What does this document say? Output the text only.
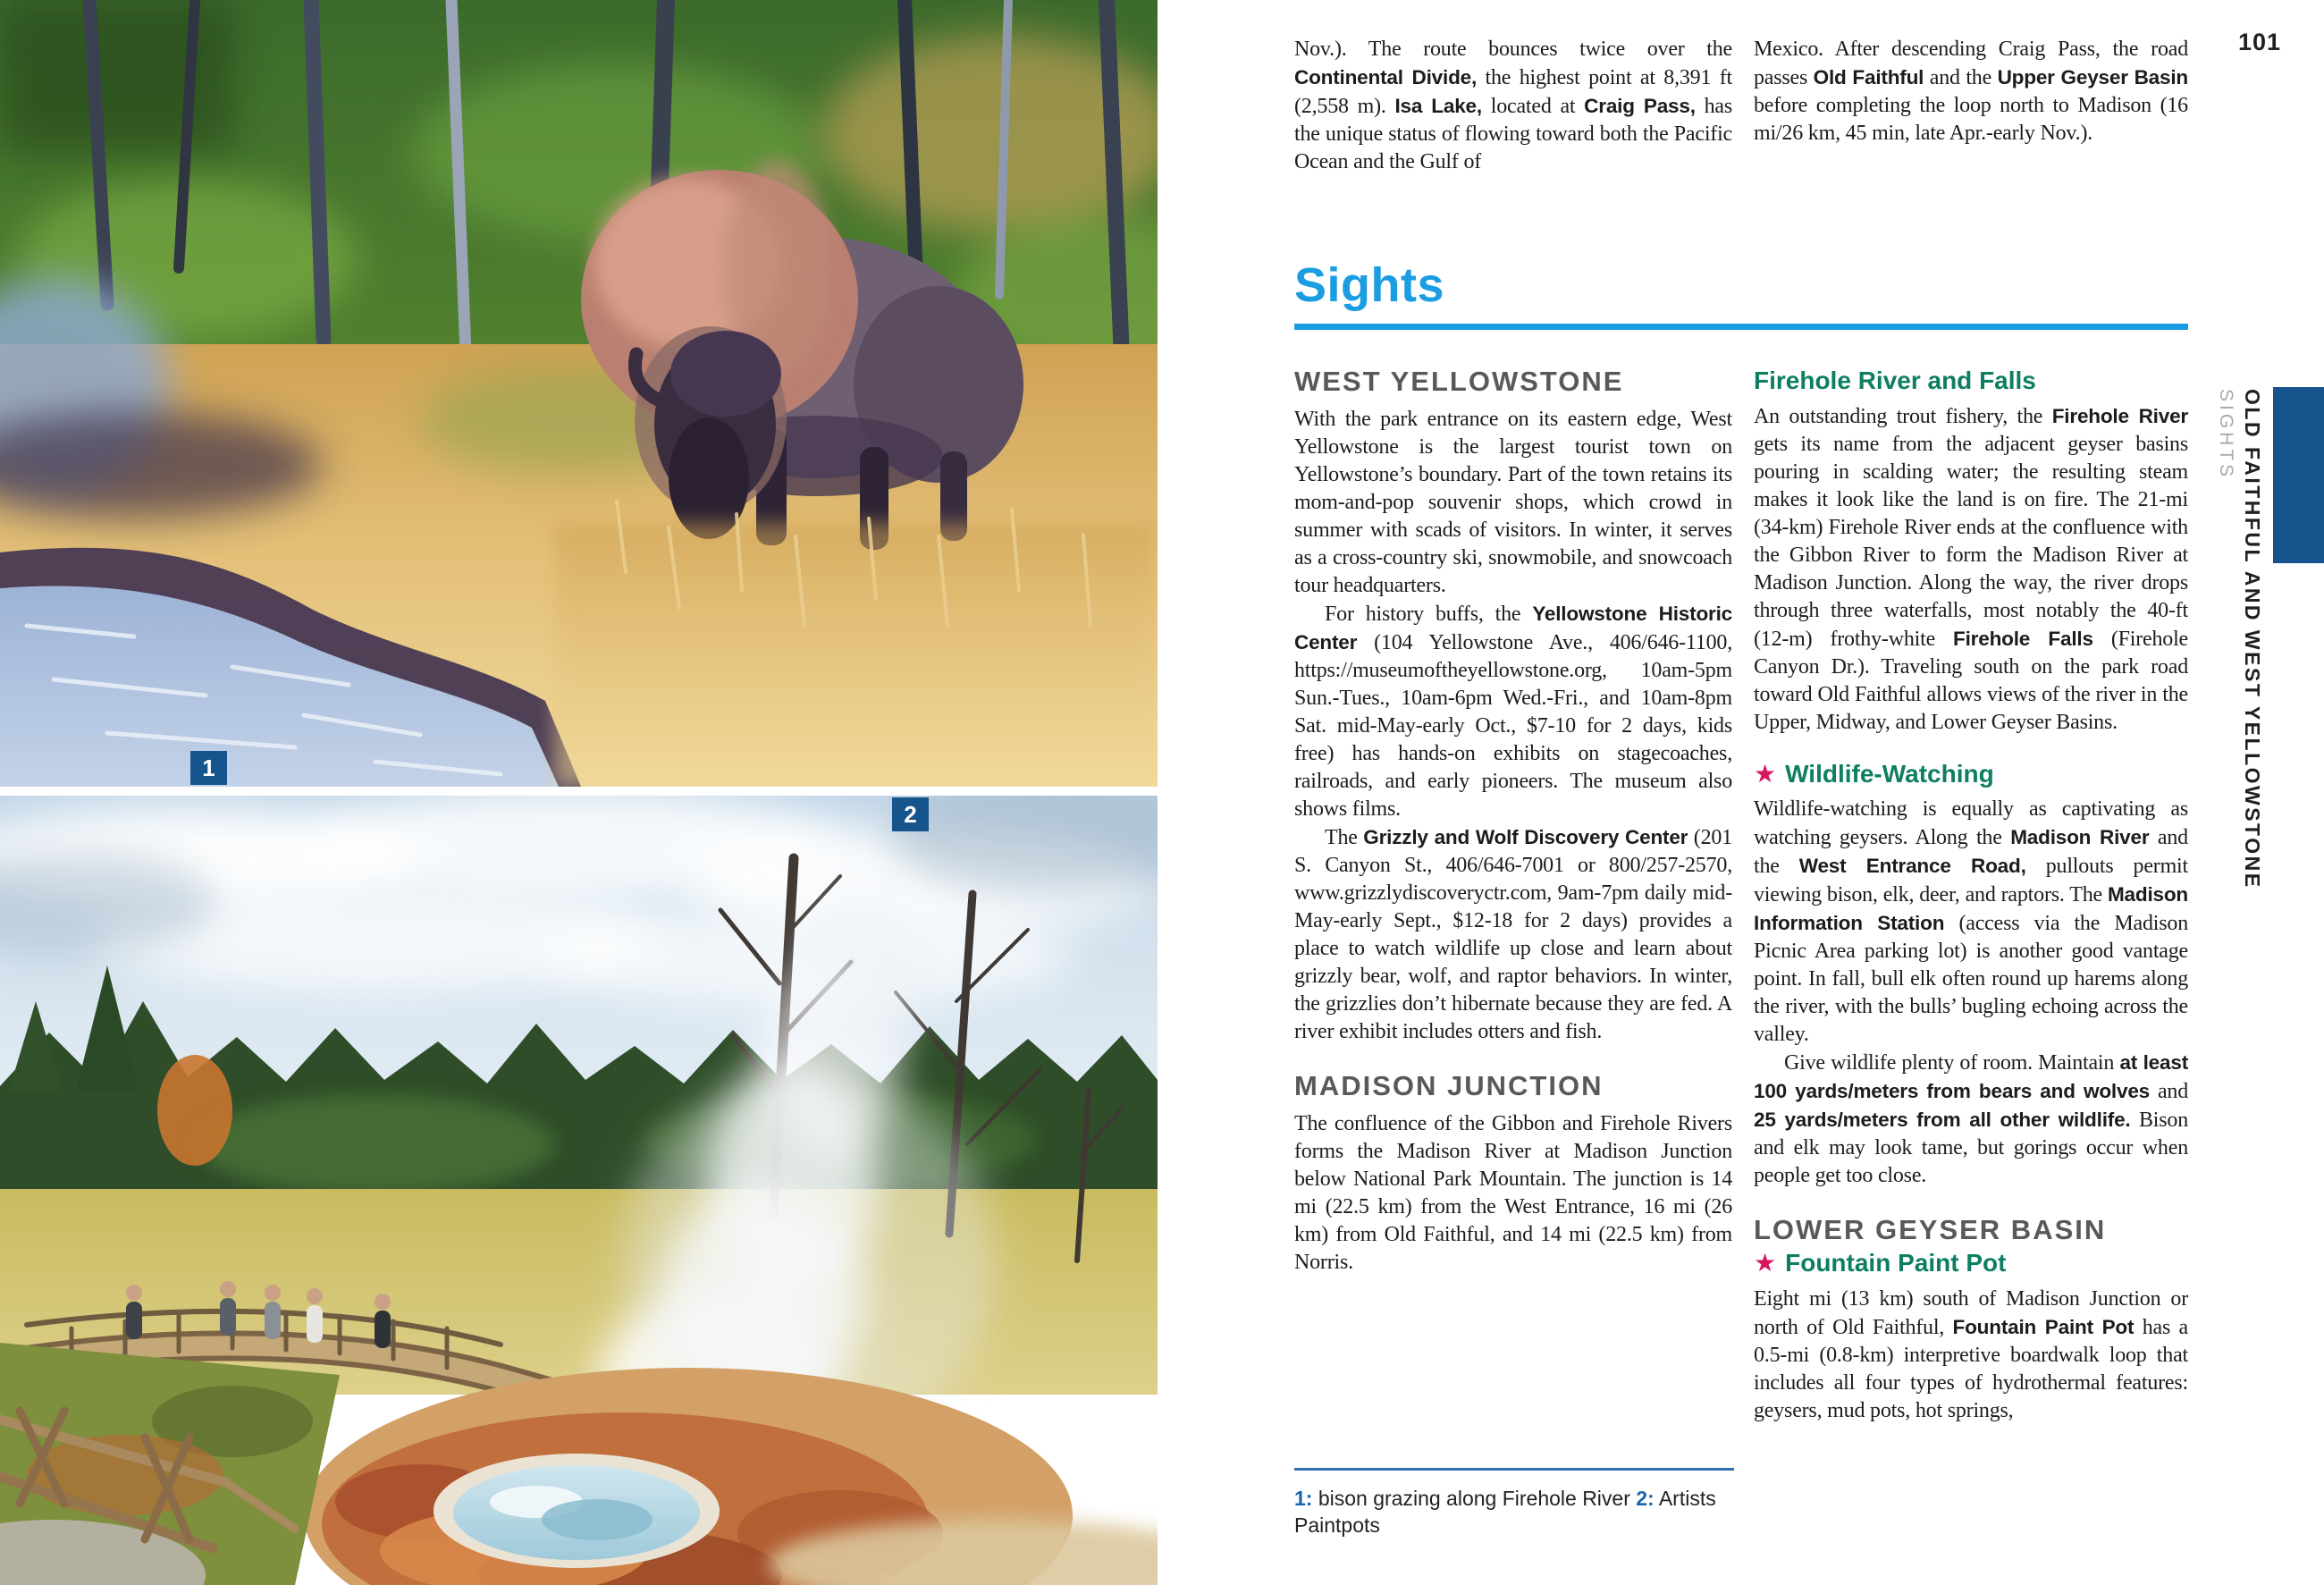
1
2
101

Nov.). The route bounces twice over the Continental Divide, the highest point at 8,391 ft (2,558 m). Isa Lake, located at Craig Pass, has the unique status of flowing toward both the Pacific Ocean and the Gulf of

Mexico. After descending Craig Pass, the road passes Old Faithful and the Upper Geyser Basin before completing the loop north to Madison (16 mi/26 km, 45 min, late Apr.-early Nov.).

Sights
WEST YELLOWSTONE

With the park entrance on its eastern edge, West Yellowstone is the largest tourist town on Yellowstone’s boundary. Part of the town retains its mom-and-pop souvenir shops, which crowd in summer with scads of visitors. In winter, it serves as a cross-country ski, snowmobile, and snowcoach tour headquarters.

For history buffs, the Yellowstone Historic Center (104 Yellowstone Ave., 406/646-1100, https://museumoftheyellowstone.org, 10am-5pm Sun.-Tues., 10am-6pm Wed.-Fri., and 10am-8pm Sat. mid-May-early Oct., $7-10 for 2 days, kids free) has hands-on exhibits on stagecoaches, railroads, and early pioneers. The museum also shows films.

The Grizzly and Wolf Discovery Center (201 S. Canyon St., 406/646-7001 or 800/257-2570, www.grizzlydiscoveryctr.com, 9am-7pm daily mid-May-early Sept., $12-18 for 2 days) provides a place to watch wildlife up close and learn about grizzly bear, wolf, and raptor behaviors. In winter, the grizzlies don’t hibernate because they are fed. A river exhibit includes otters and fish.

MADISON JUNCTION

The confluence of the Gibbon and Firehole Rivers forms the Madison River at Madison Junction below National Park Mountain. The junction is 14 mi (22.5 km) from the West Entrance, 16 mi (26 km) from Old Faithful, and 14 mi (22.5 km) from Norris.

Firehole River and Falls

An outstanding trout fishery, the Firehole River gets its name from the adjacent geyser basins pouring in scalding water; the resulting steam makes it look like the land is on fire. The 21-mi (34-km) Firehole River ends at the confluence with the Gibbon River to form the Madison River at Madison Junction. Along the way, the river drops through three waterfalls, most notably the 40-ft (12-m) frothy-white Firehole Falls (Firehole Canyon Dr.). Traveling south on the park road toward Old Faithful allows views of the river in the Upper, Midway, and Lower Geyser Basins.

★ Wildlife-Watching

Wildlife-watching is equally as captivating as watching geysers. Along the Madison River and the West Entrance Road, pullouts permit viewing bison, elk, deer, and raptors. The Madison Information Station (access via the Madison Picnic Area parking lot) is another good vantage point. In fall, bull elk often round up harems along the river, with the bulls’ bugling echoing across the valley.

Give wildlife plenty of room. Maintain at least 100 yards/meters from bears and wolves and 25 yards/meters from all other wildlife. Bison and elk may look tame, but gorings occur when people get too close.

LOWER GEYSER BASIN
★ Fountain Paint Pot

Eight mi (13 km) south of Madison Junction or north of Old Faithful, Fountain Paint Pot has a 0.5-mi (0.8-km) interpretive boardwalk loop that includes all four types of hydrothermal features: geysers, mud pots, hot springs,

1: bison grazing along Firehole River 2: Artists Paintpots
OLD FAITHFUL AND WEST YELLOWSTONE
SIGHTS
